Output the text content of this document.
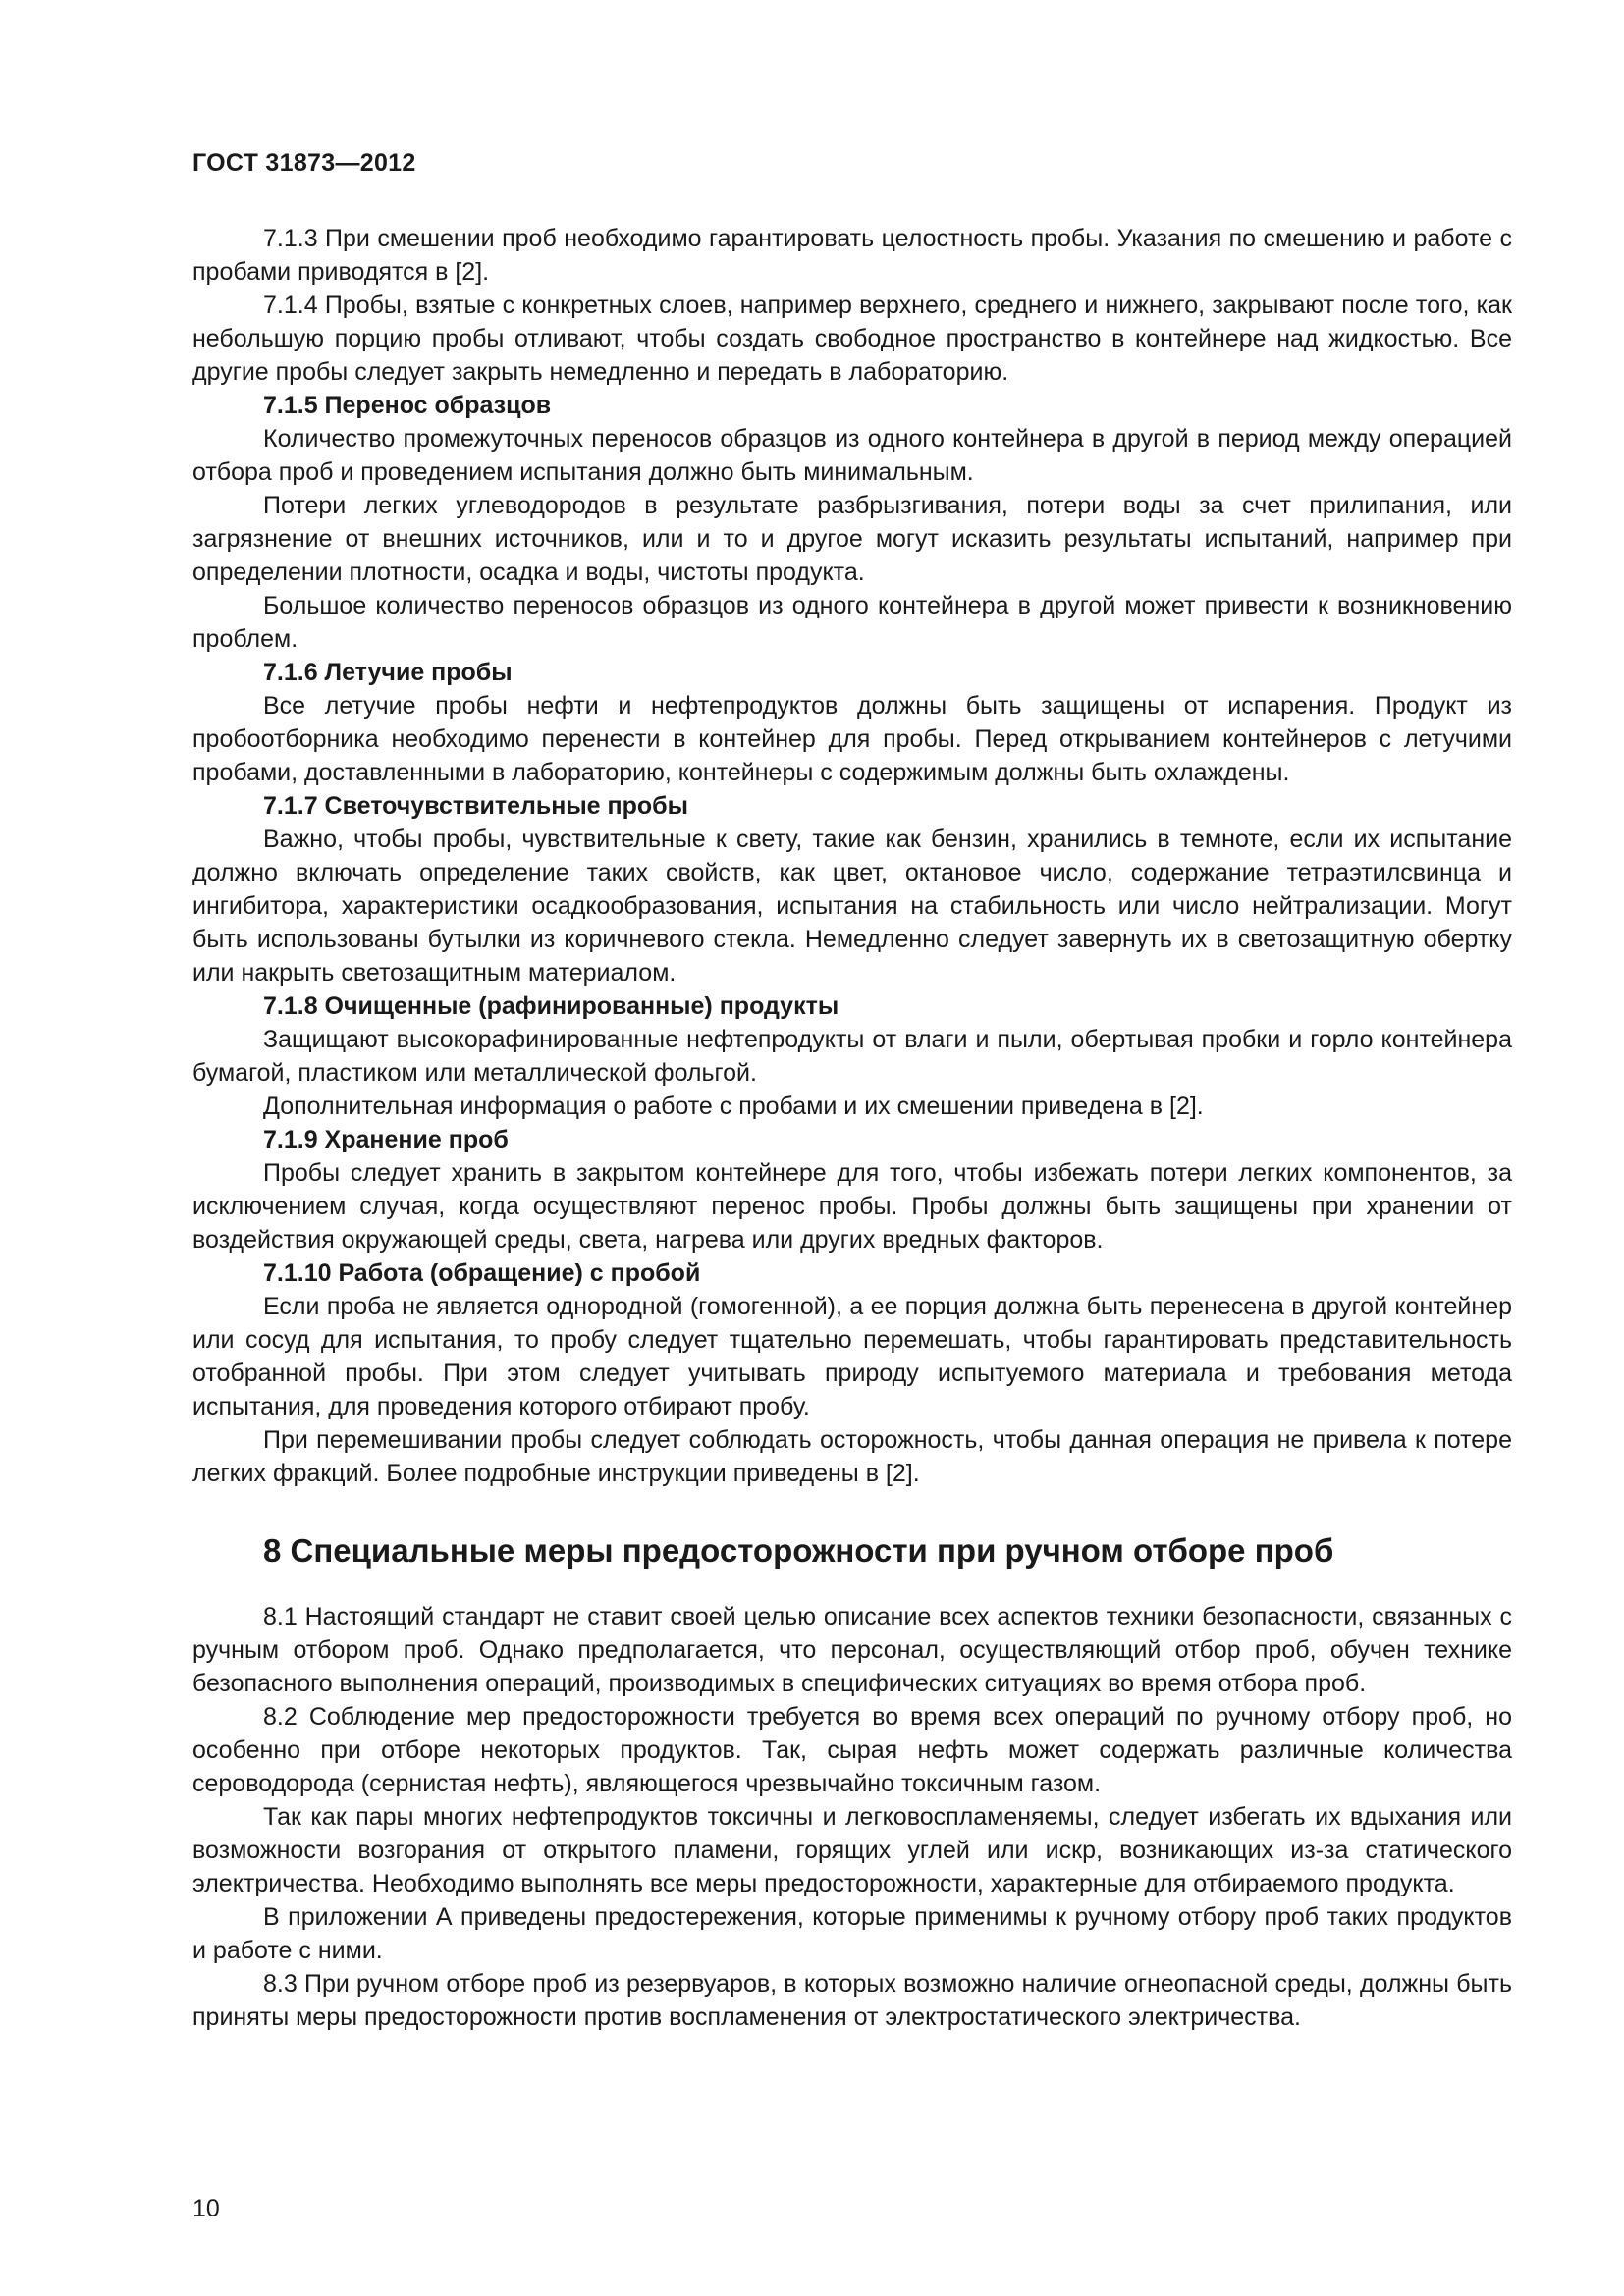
ГОСТ 31873—2012

7.1.3 При смешении проб необходимо гарантировать целостность пробы. Указания по смешению и работе с пробами приводятся в [2].

7.1.4 Пробы, взятые с конкретных слоев, например верхнего, среднего и нижнего, закрывают после того, как небольшую порцию пробы отливают, чтобы создать свободное пространство в контейнере над жидкостью. Все другие пробы следует закрыть немедленно и передать в лабораторию.

7.1.5 Перенос образцов

Количество промежуточных переносов образцов из одного контейнера в другой в период между операцией отбора проб и проведением испытания должно быть минимальным.

Потери легких углеводородов в результате разбрызгивания, потери воды за счет прилипания, или загрязнение от внешних источников, или и то и другое могут исказить результаты испытаний, например при определении плотности, осадка и воды, чистоты продукта.

Большое количество переносов образцов из одного контейнера в другой может привести к возникновению проблем.

7.1.6 Летучие пробы

Все летучие пробы нефти и нефтепродуктов должны быть защищены от испарения. Продукт из пробоотборника необходимо перенести в контейнер для пробы. Перед открыванием контейнеров с летучими пробами, доставленными в лабораторию, контейнеры с содержимым должны быть охлаждены.

7.1.7 Светочувствительные пробы

Важно, чтобы пробы, чувствительные к свету, такие как бензин, хранились в темноте, если их испытание должно включать определение таких свойств, как цвет, октановое число, содержание тетраэтилсвинца и ингибитора, характеристики осадкообразования, испытания на стабильность или число нейтрализации. Могут быть использованы бутылки из коричневого стекла. Немедленно следует завернуть их в светозащитную обертку или накрыть светозащитным материалом.

7.1.8 Очищенные (рафинированные) продукты

Защищают высокорафинированные нефтепродукты от влаги и пыли, обертывая пробки и горло контейнера бумагой, пластиком или металлической фольгой.

Дополнительная информация о работе с пробами и их смешении приведена в [2].

7.1.9 Хранение проб

Пробы следует хранить в закрытом контейнере для того, чтобы избежать потери легких компонентов, за исключением случая, когда осуществляют перенос пробы. Пробы должны быть защищены при хранении от воздействия окружающей среды, света, нагрева или других вредных факторов.

7.1.10 Работа (обращение) с пробой

Если проба не является однородной (гомогенной), а ее порция должна быть перенесена в другой контейнер или сосуд для испытания, то пробу следует тщательно перемешать, чтобы гарантировать представительность отобранной пробы. При этом следует учитывать природу испытуемого материала и требования метода испытания, для проведения которого отбирают пробу.

При перемешивании пробы следует соблюдать осторожность, чтобы данная операция не привела к потере легких фракций. Более подробные инструкции приведены в [2].

8 Специальные меры предосторожности при ручном отборе проб

8.1 Настоящий стандарт не ставит своей целью описание всех аспектов техники безопасности, связанных с ручным отбором проб. Однако предполагается, что персонал, осуществляющий отбор проб, обучен технике безопасного выполнения операций, производимых в специфических ситуациях во время отбора проб.

8.2 Соблюдение мер предосторожности требуется во время всех операций по ручному отбору проб, но особенно при отборе некоторых продуктов. Так, сырая нефть может содержать различные количества сероводорода (сернистая нефть), являющегося чрезвычайно токсичным газом.

Так как пары многих нефтепродуктов токсичны и легковоспламеняемы, следует избегать их вдыхания или возможности возгорания от открытого пламени, горящих углей или искр, возникающих из-за статического электричества. Необходимо выполнять все меры предосторожности, характерные для отбираемого продукта.

В приложении А приведены предостережения, которые применимы к ручному отбору проб таких продуктов и работе с ними.

8.3 При ручном отборе проб из резервуаров, в которых возможно наличие огнеопасной среды, должны быть приняты меры предосторожности против воспламенения от электростатического электричества.

10
